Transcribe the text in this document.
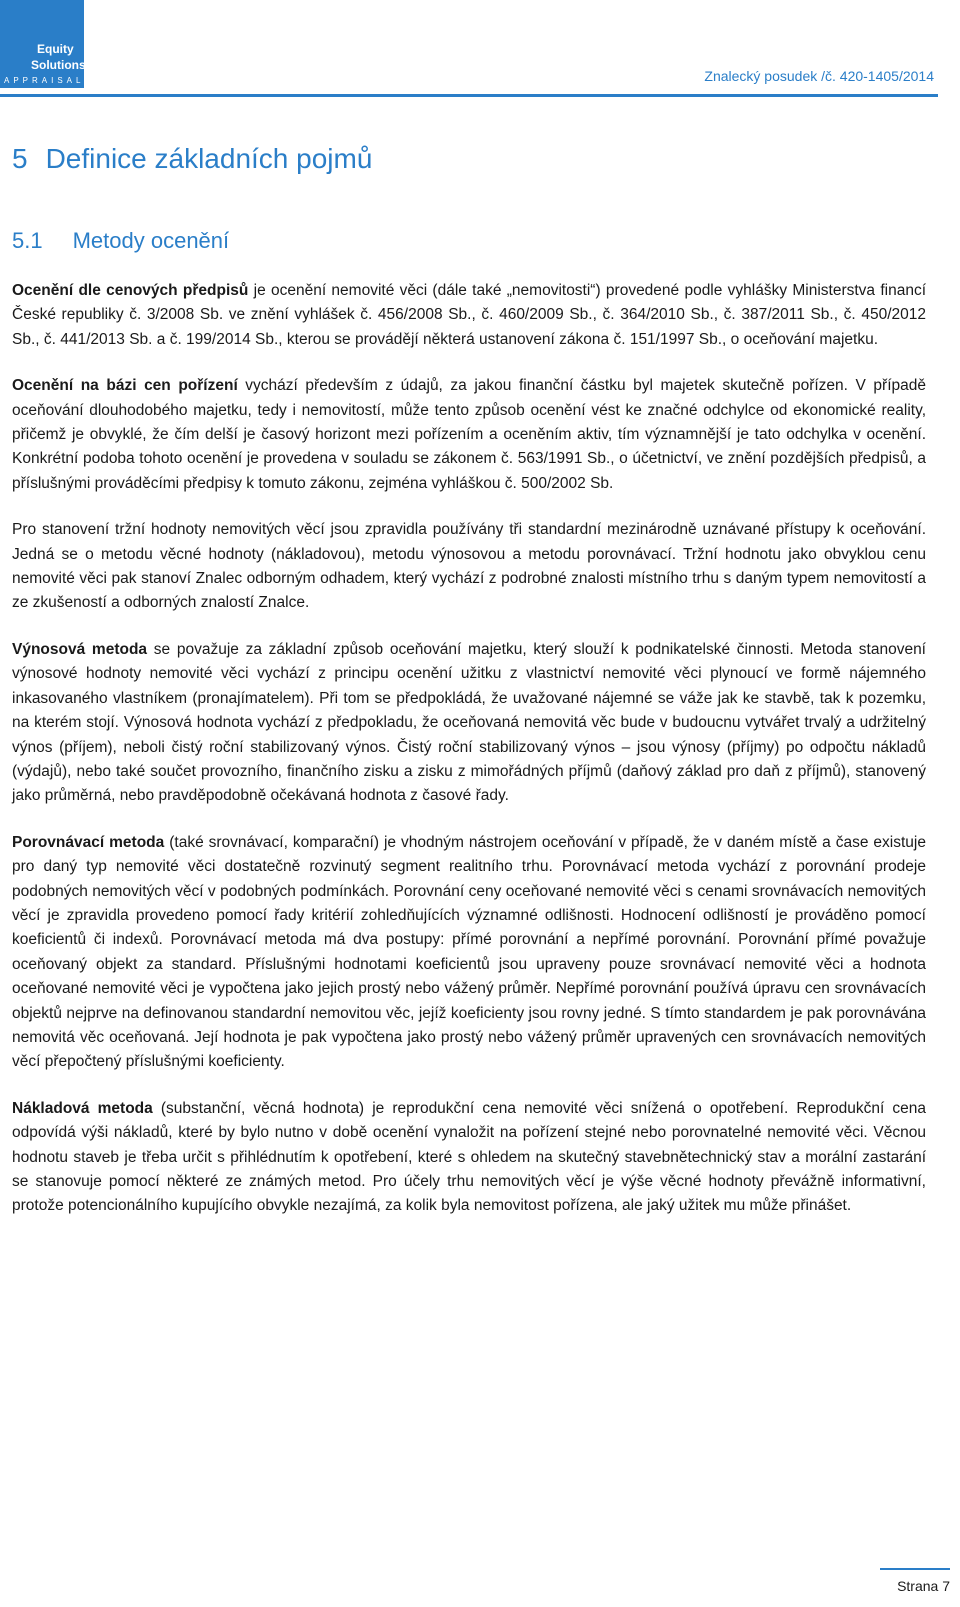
Equity
Solutions
APPRAISALS	Znalecký posudek /č. 420-1405/2014
5 Definice základních pojmů
5.1 Metody ocenění

Ocenění dle cenových předpisů je ocenění nemovité věci (dále také „nemovitosti“) provedené podle vyhlášky Ministerstva financí České republiky č. 3/2008 Sb. ve znění vyhlášek č. 456/2008 Sb., č. 460/2009 Sb., č. 364/2010 Sb., č. 387/2011 Sb., č. 450/2012 Sb., č. 441/2013 Sb. a č. 199/2014 Sb., kterou se provádějí některá ustanovení zákona č. 151/1997 Sb., o oceňování majetku.

Ocenění na bázi cen pořízení vychází především z údajů, za jakou finanční částku byl majetek skutečně pořízen. V případě oceňování dlouhodobého majetku, tedy i nemovitostí, může tento způsob ocenění vést ke značné odchylce od ekonomické reality, přičemž je obvyklé, že čím delší je časový horizont mezi pořízením a oceněním aktiv, tím významnější je tato odchylka v ocenění. Konkrétní podoba tohoto ocenění je provedena v souladu se zákonem č. 563/1991 Sb., o účetnictví, ve znění pozdějších předpisů, a příslušnými prováděcími předpisy k tomuto zákonu, zejména vyhláškou č. 500/2002 Sb.

Pro stanovení tržní hodnoty nemovitých věcí jsou zpravidla používány tři standardní mezinárodně uznávané přístupy k oceňování. Jedná se o metodu věcné hodnoty (nákladovou), metodu výnosovou a metodu porovnávací. Tržní hodnotu jako obvyklou cenu nemovité věci pak stanoví Znalec odborným odhadem, který vychází z podrobné znalosti místního trhu s daným typem nemovitostí a ze zkušeností a odborných znalostí Znalce.

Výnosová metoda se považuje za základní způsob oceňování majetku, který slouží k podnikatelské činnosti. Metoda stanovení výnosové hodnoty nemovité věci vychází z principu ocenění užitku z vlastnictví nemovité věci plynoucí ve formě nájemného inkasovaného vlastníkem (pronajímatelem). Při tom se předpokládá, že uvažované nájemné se váže jak ke stavbě, tak k pozemku, na kterém stojí. Výnosová hodnota vychází z předpokladu, že oceňovaná nemovitá věc bude v budoucnu vytvářet trvalý a udržitelný výnos (příjem), neboli čistý roční stabilizovaný výnos. Čistý roční stabilizovaný výnos – jsou výnosy (příjmy) po odpočtu nákladů (výdajů), nebo také součet provozního, finančního zisku a zisku z mimořádných příjmů (daňový základ pro daň z příjmů), stanovený jako průměrná, nebo pravděpodobně očekávaná hodnota z časové řady.

Porovnávací metoda (také srovnávací, komparační) je vhodným nástrojem oceňování v případě, že v daném místě a čase existuje pro daný typ nemovité věci dostatečně rozvinutý segment realitního trhu. Porovnávací metoda vychází z porovnání prodeje podobných nemovitých věcí v podobných podmínkách. Porovnání ceny oceňované nemovité věci s cenami srovnávacích nemovitých věcí je zpravidla provedeno pomocí řady kritérií zohledňujících významné odlišnosti. Hodnocení odlišností je prováděno pomocí koeficientů či indexů. Porovnávací metoda má dva postupy: přímé porovnání a nepřímé porovnání. Porovnání přímé považuje oceňovaný objekt za standard. Příslušnými hodnotami koeficientů jsou upraveny pouze srovnávací nemovité věci a hodnota oceňované nemovité věci je vypočtena jako jejich prostý nebo vážený průměr. Nepřímé porovnání používá úpravu cen srovnávacích objektů nejprve na definovanou standardní nemovitou věc, jejíž koeficienty jsou rovny jedné. S tímto standardem je pak porovnávána nemovitá věc oceňovaná. Její hodnota je pak vypočtena jako prostý nebo vážený průměr upravených cen srovnávacích nemovitých věcí přepočtený příslušnými koeficienty.

Nákladová metoda (substanční, věcná hodnota) je reprodukční cena nemovité věci snížená o opotřebení. Reprodukční cena odpovídá výši nákladů, které by bylo nutno v době ocenění vynaložit na pořízení stejné nebo porovnatelné nemovité věci. Věcnou hodnotu staveb je třeba určit s přihlédnutím k opotřebení, které s ohledem na skutečný stavebnětechnický stav a morální zastarání se stanovuje pomocí některé ze známých metod. Pro účely trhu nemovitých věcí je výše věcné hodnoty převážně informativní, protože potencionálního kupujícího obvykle nezajímá, za kolik byla nemovitost pořízena, ale jaký užitek mu může přinášet.

Strana 7
